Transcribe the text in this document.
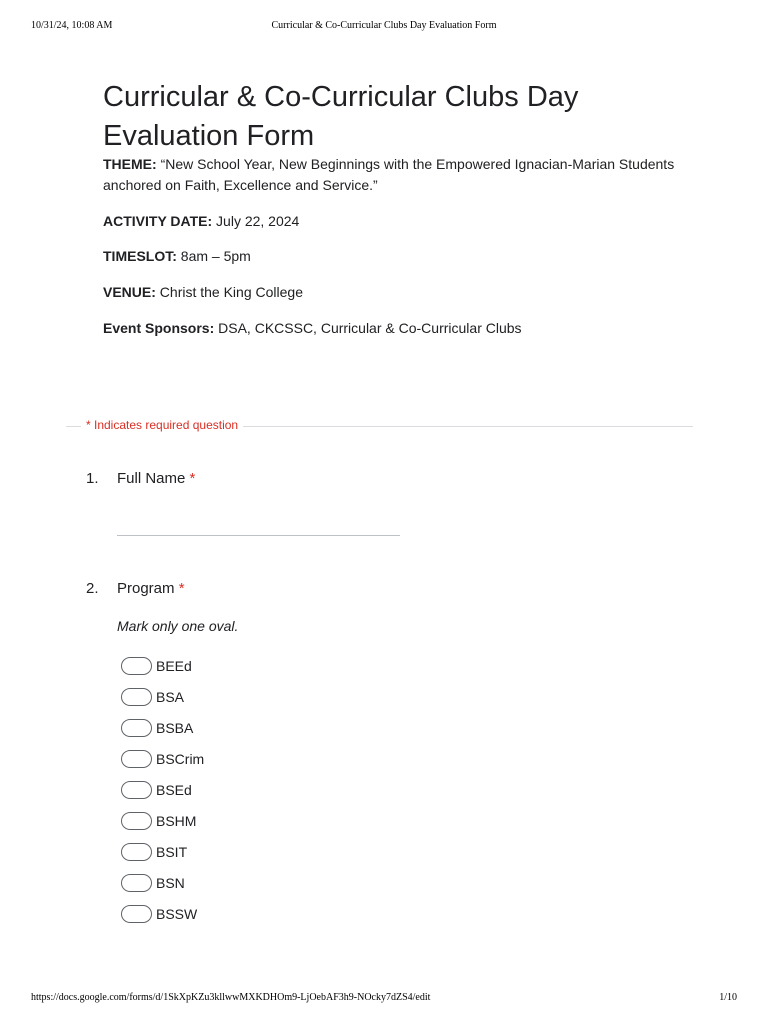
10/31/24, 10:08 AM	Curricular & Co-Curricular Clubs Day Evaluation Form
Curricular & Co-Curricular Clubs Day Evaluation Form
THEME: “New School Year, New Beginnings with the Empowered Ignacian-Marian Students anchored on Faith, Excellence and Service.”
ACTIVITY DATE: July 22, 2024
TIMESLOT: 8am – 5pm
VENUE: Christ the King College
Event Sponsors: DSA, CKCSSC, Curricular & Co-Curricular Clubs
* Indicates required question
1. Full Name *
2. Program *
Mark only one oval.
BEEd
BSA
BSBA
BSCrim
BSEd
BSHM
BSIT
BSN
BSSW
https://docs.google.com/forms/d/1SkXpKZu3kllwwMXKDHOm9-LjOebAF3h9-NOcky7dZS4/edit	1/10
